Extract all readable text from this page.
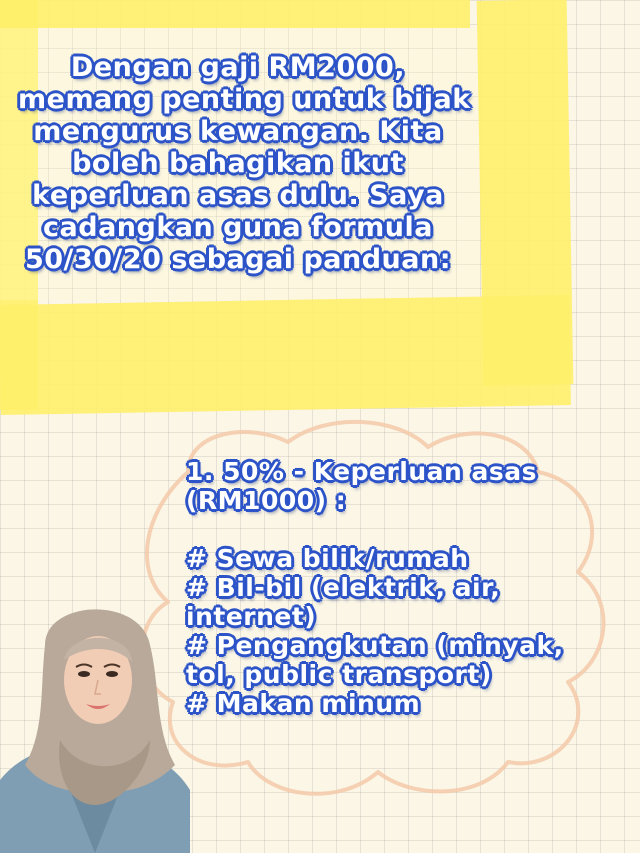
Dengan gaji RM2000,
memang penting untuk bijak
mengurus kewangan. Kita
boleh bahagikan ikut
keperluan asas dulu. Saya
cadangkan guna formula
50/30/20 sebagai panduan:
1. 50% - Keperluan asas
(RM1000) :
# Sewa bilik/rumah
# Bil-bil (elektrik, air,
internet)
# Pengangkutan (minyak,
tol, public transport)
# Makan minum
